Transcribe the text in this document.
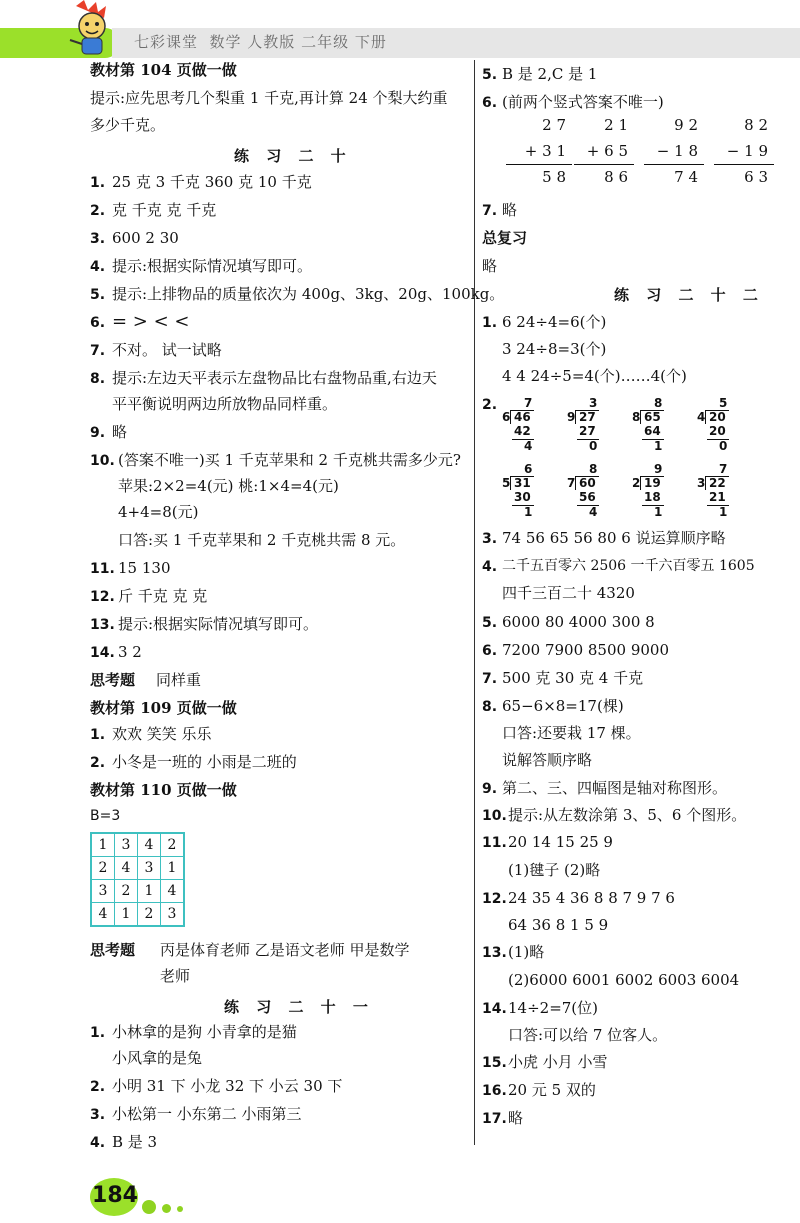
七彩课堂  数学 人教版 二年级 下册
教材第 104 页做一做
提示:应先思考几个梨重 1 千克,再计算 24 个梨大约重
多少千克。
练 习 二 十
1. 25 克 3 千克 360 克 10 千克
2. 克 千克 克 千克
3. 600 2 30
4. 提示:根据实际情况填写即可。
5. 提示:上排物品的质量依次为 400g、3kg、20g、100kg。
6. = > < <
7. 不对。 试一试略
8. 提示:左边天平表示左盘物品比右盘物品重,右边天
平平衡说明两边所放物品同样重。
9. 略
10. (答案不唯一)买 1 千克苹果和 2 千克桃共需多少元?
苹果:2×2=4(元) 桃:1×4=4(元)
4+4=8(元)
口答:买 1 千克苹果和 2 千克桃共需 8 元。
11. 15 130
12. 斤 千克 克 克
13. 提示:根据实际情况填写即可。
14. 3 2
思考题 同样重
教材第 109 页做一做
1. 欢欢 笑笑 乐乐
2. 小冬是一班的 小雨是二班的
教材第 110 页做一做
B=3
1	3	4	2
2	4	3	1
3	2	1	4
4	1	2	3
思考题 丙是体育老师 乙是语文老师 甲是数学
老师
练 习 二 十 一
1. 小林拿的是狗 小青拿的是猫
小风拿的是兔
2. 小明 31 下 小龙 32 下 小云 30 下
3. 小松第一 小东第二 小雨第三
4. B 是 3
5. B 是 2,C 是 1
6. (前两个竖式答案不唯一)
2 7
+ 3 1
5 8
2 1
+ 6 5
8 6
9 2
− 1 8
7 4
8 2
− 1 9
6 3
7. 略
总复习
略
练 习 二 十 二
1. 6 24÷4=6(个)
3 24÷8=3(个)
4 4 24÷5=4(个)……4(个)
2. 7
6 46
42
4
3
9 27
27
0
8
8 65
64
1
5
4 20
20
0
6
5 31
30
1
8
7 60
56
4
9
2 19
18
1
7
3 22
21
1
3. 74 56 65 56 80 6 说运算顺序略
4. 二千五百零六 2506 一千六百零五 1605
四千三百二十 4320
5. 6000 80 4000 300 8
6. 7200 7900 8500 9000
7. 500 克 30 克 4 千克
8. 65−6×8=17(棵)
口答:还要栽 17 棵。
说解答顺序略
9. 第二、三、四幅图是轴对称图形。
10. 提示:从左数涂第 3、5、6 个图形。
11. 20 14 15 25 9
(1)毽子 (2)略
12. 24 35 4 36 8 8 7 9 7 6
64 36 8 1 5 9
13. (1)略
(2)6000 6001 6002 6003 6004
14. 14÷2=7(位)
口答:可以给 7 位客人。
15. 小虎 小月 小雪
16. 20 元 5 双的
17. 略
184
